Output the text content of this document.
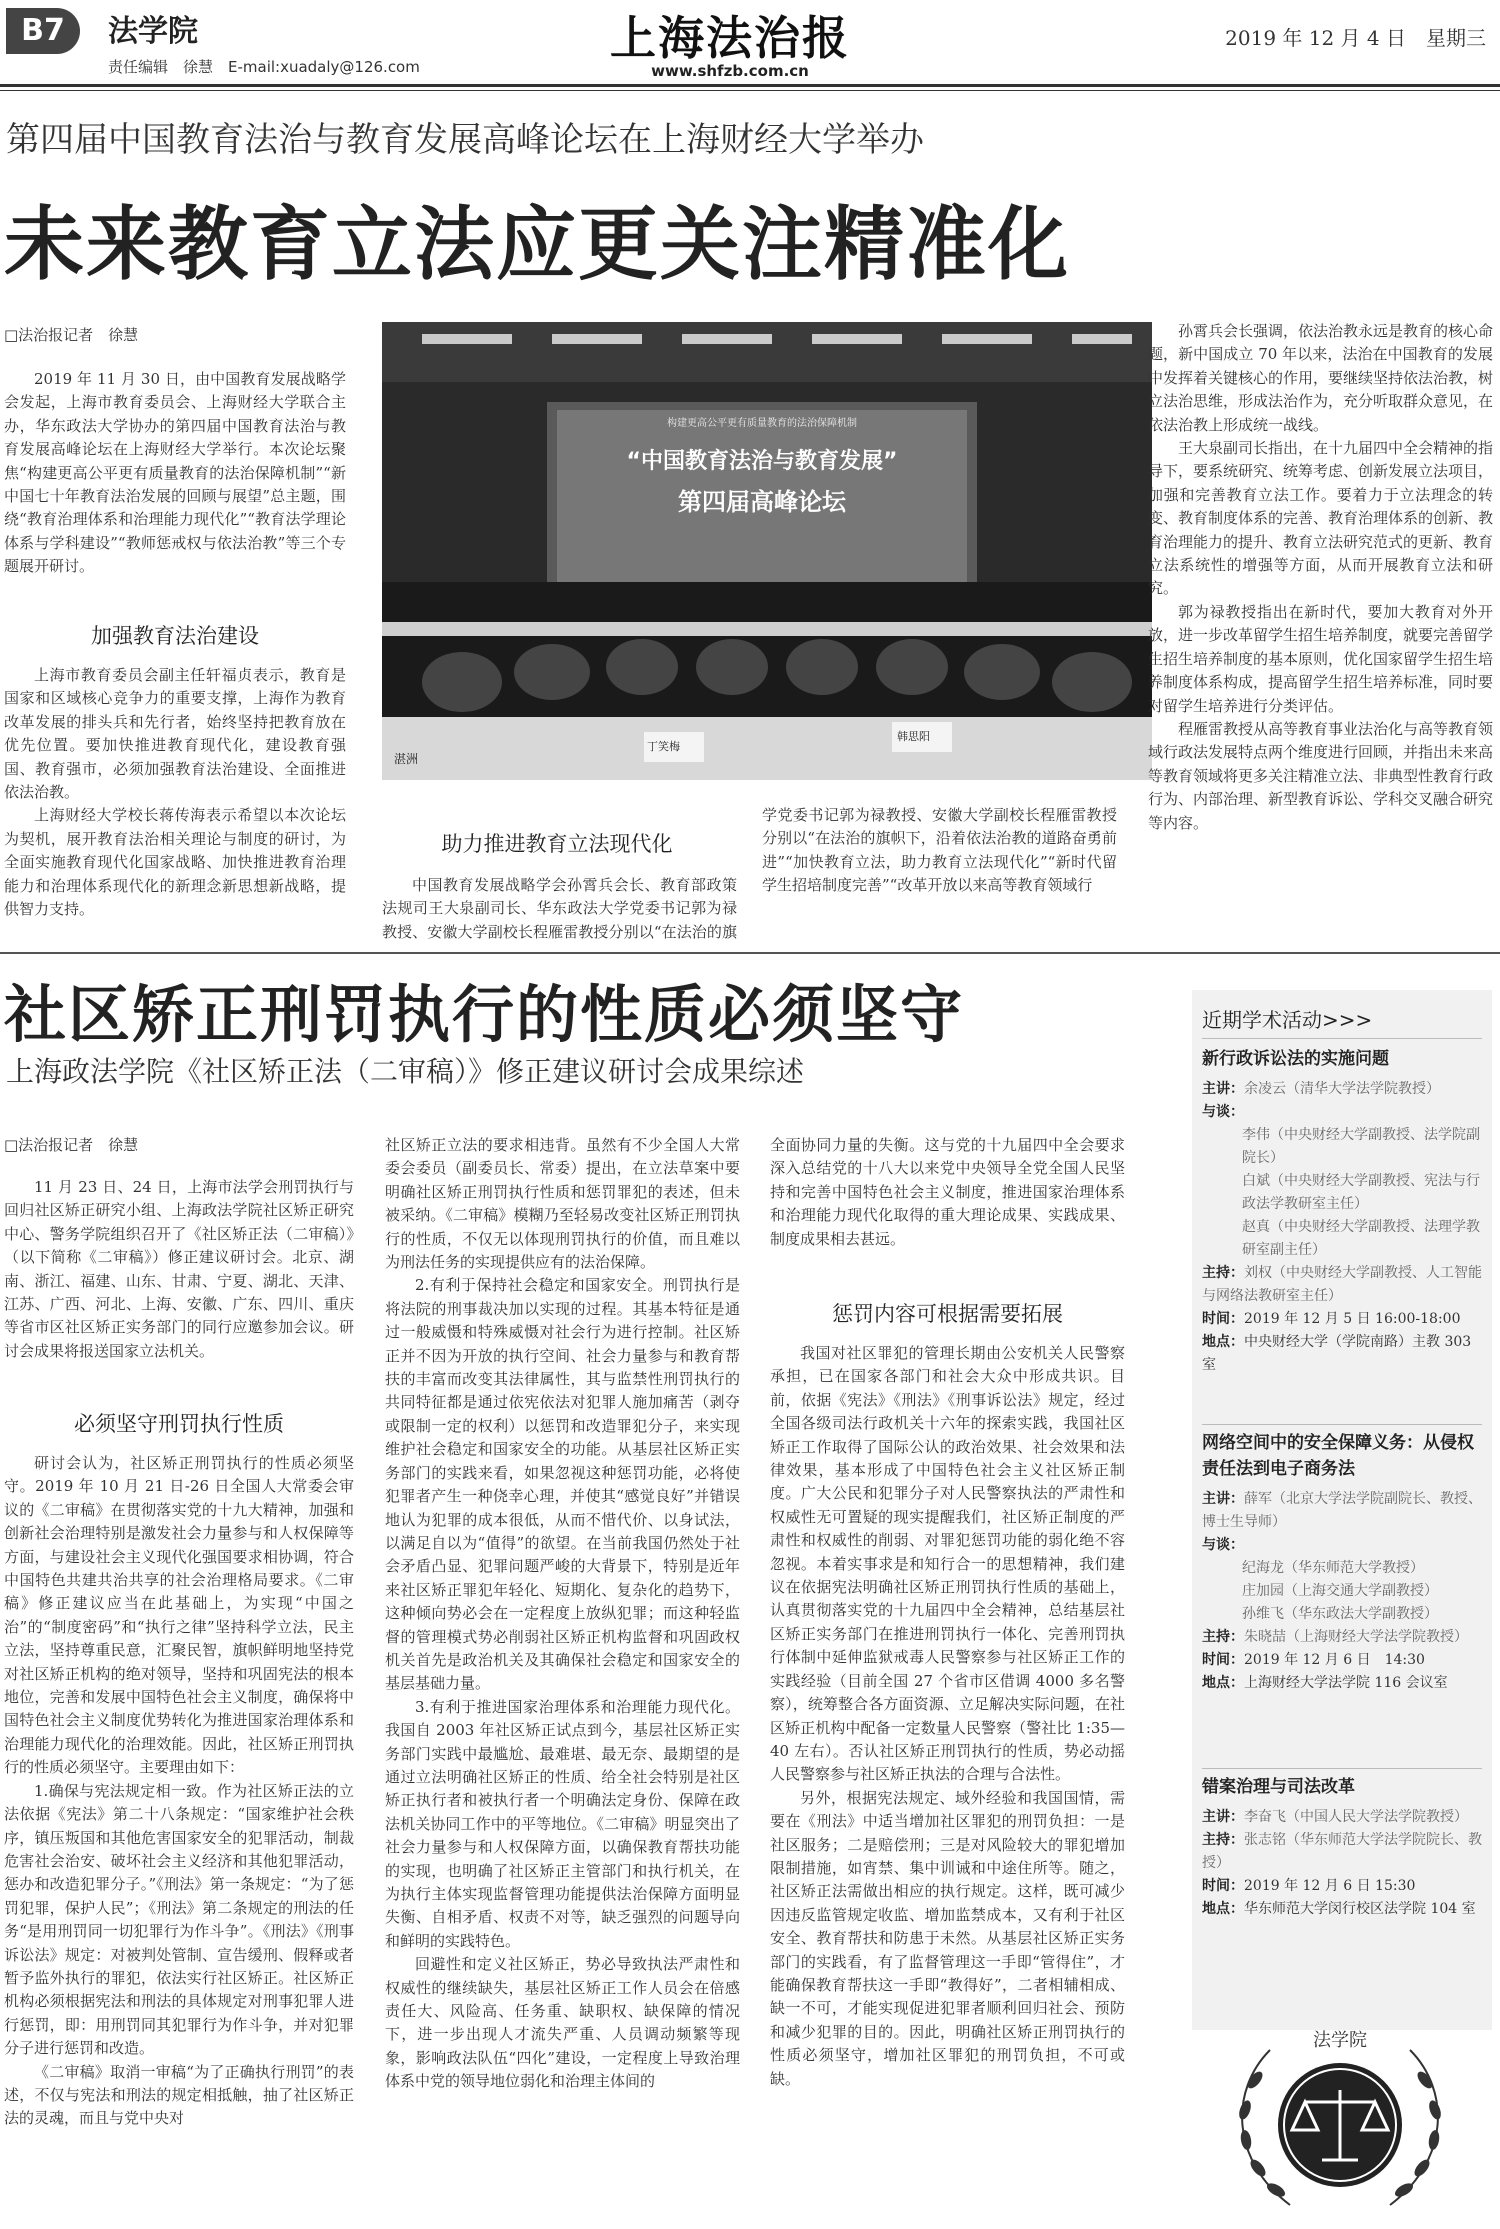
B7	法学院
责任编辑　徐慧　E-mail:xuadaly@126.com
上海法治报
www.shfzb.com.cn
2019 年 12 月 4 日　星期三
第四届中国教育法治与教育发展高峰论坛在上海财经大学举办
未来教育立法应更关注精准化
□法治报记者　徐慧

2019 年 11 月 30 日，由中国教育发展战略学会发起，上海市教育委员会、上海财经大学联合主办，华东政法大学协办的第四届中国教育法治与教育发展高峰论坛在上海财经大学举行。本次论坛聚焦“构建更高公平更有质量教育的法治保障机制”“新中国七十年教育法治发展的回顾与展望”总主题，围绕“教育治理体系和治理能力现代化”“教育法学理论体系与学科建设”“教师惩戒权与依法治教”等三个专题展开研讨。

加强教育法治建设

上海市教育委员会副主任轩福贞表示，教育是国家和区域核心竞争力的重要支撑，上海作为教育改革发展的排头兵和先行者，始终坚持把教育放在优先位置。要加快推进教育现代化，建设教育强国、教育强市，必须加强教育法治建设、全面推进依法治教。

上海财经大学校长蒋传海表示希望以本次论坛为契机，展开教育法治相关理论与制度的研讨，为全面实施教育现代化国家战略、加快推进教育治理能力和治理体系现代化的新理念新思想新战略，提供智力支持。

构建更高公平更有质量教育的法治保障机制
“中国教育法治与教育发展”
第四届高峰论坛
丁笑梅
韩思阳
湛洲
助力推进教育立法现代化

中国教育发展战略学会孙霄兵会长、教育部政策法规司王大泉副司长、华东政法大学党委书记郭为禄教授、安徽大学副校长程雁雷教授分别以“在法治的旗

学党委书记郭为禄教授、安徽大学副校长程雁雷教授分别以“在法治的旗帜下，沿着依法治教的道路奋勇前进”“加快教育立法，助力教育立法现代化”“新时代留学生招培制度完善”“改革开放以来高等教育领域行

孙霄兵会长强调，依法治教永远是教育的核心命题，新中国成立 70 年以来，法治在中国教育的发展中发挥着关键核心的作用，要继续坚持依法治教，树立法治思维，形成法治作为，充分听取群众意见，在依法治教上形成统一战线。

王大泉副司长指出，在十九届四中全会精神的指导下，要系统研究、统筹考虑、创新发展立法项目，加强和完善教育立法工作。要着力于立法理念的转变、教育制度体系的完善、教育治理体系的创新、教育治理能力的提升、教育立法研究范式的更新、教育立法系统性的增强等方面，从而开展教育立法和研究。

郭为禄教授指出在新时代，要加大教育对外开放，进一步改革留学生招生培养制度，就要完善留学生招生培养制度的基本原则，优化国家留学生招生培养制度体系构成，提高留学生招生培养标准，同时要对留学生培养进行分类评估。

程雁雷教授从高等教育事业法治化与高等教育领域行政法发展特点两个维度进行回顾，并指出未来高等教育领域将更多关注精准立法、非典型性教育行政行为、内部治理、新型教育诉讼、学科交叉融合研究等内容。

社区矫正刑罚执行的性质必须坚守
上海政法学院《社区矫正法（二审稿）》修正建议研讨会成果综述
□法治报记者　徐慧

11 月 23 日、24 日，上海市法学会刑罚执行与回归社区矫正研究小组、上海政法学院社区矫正研究中心、警务学院组织召开了《社区矫正法（二审稿）》（以下简称《二审稿》）修正建议研讨会。北京、湖南、浙江、福建、山东、甘肃、宁夏、湖北、天津、江苏、广西、河北、上海、安徽、广东、四川、重庆等省市区社区矫正实务部门的同行应邀参加会议。研讨会成果将报送国家立法机关。

必须坚守刑罚执行性质

研讨会认为，社区矫正刑罚执行的性质必须坚守。2019 年 10 月 21 日-26 日全国人大常委会审议的《二审稿》在贯彻落实党的十九大精神，加强和创新社会治理特别是激发社会力量参与和人权保障等方面，与建设社会主义现代化强国要求相协调，符合中国特色共建共治共享的社会治理格局要求。《二审稿》修正建议应当在此基础上，为实现“中国之治”的“制度密码”和“执行之律”坚持科学立法，民主立法，坚持尊重民意，汇聚民智，旗帜鲜明地坚持党对社区矫正机构的绝对领导，坚持和巩固宪法的根本地位，完善和发展中国特色社会主义制度，确保将中国特色社会主义制度优势转化为推进国家治理体系和治理能力现代化的治理效能。因此，社区矫正刑罚执行的性质必须坚守。主要理由如下：

1.确保与宪法规定相一致。作为社区矫正法的立法依据《宪法》第二十八条规定：“国家维护社会秩序，镇压叛国和其他危害国家安全的犯罪活动，制裁危害社会治安、破坏社会主义经济和其他犯罪活动，惩办和改造犯罪分子。”《刑法》第一条规定：“为了惩罚犯罪，保护人民”；《刑法》第二条规定的刑法的任务“是用刑罚同一切犯罪行为作斗争”。《刑法》《刑事诉讼法》规定：对被判处管制、宣告缓刑、假释或者暂予监外执行的罪犯，依法实行社区矫正。社区矫正机构必须根据宪法和刑法的具体规定对刑事犯罪人进行惩罚，即：用刑罚同其犯罪行为作斗争，并对犯罪分子进行惩罚和改造。

《二审稿》取消一审稿“为了正确执行刑罚”的表述，不仅与宪法和刑法的规定相抵触，抽了社区矫正法的灵魂，而且与党中央对

社区矫正立法的要求相违背。虽然有不少全国人大常委会委员（副委员长、常委）提出，在立法草案中要明确社区矫正刑罚执行性质和惩罚罪犯的表述，但未被采纳。《二审稿》模糊乃至轻易改变社区矫正刑罚执行的性质，不仅无以体现刑罚执行的价值，而且难以为刑法任务的实现提供应有的法治保障。

2.有利于保持社会稳定和国家安全。刑罚执行是将法院的刑事裁决加以实现的过程。其基本特征是通过一般威慑和特殊威慑对社会行为进行控制。社区矫正并不因为开放的执行空间、社会力量参与和教育帮扶的丰富而改变其法律属性，其与监禁性刑罚执行的共同特征都是通过依宪依法对犯罪人施加痛苦（剥夺或限制一定的权利）以惩罚和改造罪犯分子，来实现维护社会稳定和国家安全的功能。从基层社区矫正实务部门的实践来看，如果忽视这种惩罚功能，必将使犯罪者产生一种侥幸心理，并使其“感觉良好”并错误地认为犯罪的成本很低，从而不惜代价、以身试法，以满足自以为“值得”的欲望。在当前我国仍然处于社会矛盾凸显、犯罪问题严峻的大背景下，特别是近年来社区矫正罪犯年轻化、短期化、复杂化的趋势下，这种倾向势必会在一定程度上放纵犯罪；而这种轻监督的管理模式势必削弱社区矫正机构监督和巩固政权机关首先是政治机关及其确保社会稳定和国家安全的基层基础力量。

3.有利于推进国家治理体系和治理能力现代化。我国自 2003 年社区矫正试点到今，基层社区矫正实务部门实践中最尴尬、最难堪、最无奈、最期望的是通过立法明确社区矫正的性质、给全社会特别是社区矫正执行者和被执行者一个明确法定身份、保障在政法机关协同工作中的平等地位。《二审稿》明显突出了社会力量参与和人权保障方面，以确保教育帮扶功能的实现，也明确了社区矫正主管部门和执行机关，在为执行主体实现监督管理功能提供法治保障方面明显失衡、自相矛盾、权责不对等，缺乏强烈的问题导向和鲜明的实践特色。

回避性和定义社区矫正，势必导致执法严肃性和权威性的继续缺失，基层社区矫正工作人员会在倍感责任大、风险高、任务重、缺职权、缺保障的情况下，进一步出现人才流失严重、人员调动频繁等现象，影响政法队伍“四化”建设，一定程度上导致治理体系中党的领导地位弱化和治理主体间的

全面协同力量的失衡。这与党的十九届四中全会要求深入总结党的十八大以来党中央领导全党全国人民坚持和完善中国特色社会主义制度，推进国家治理体系和治理能力现代化取得的重大理论成果、实践成果、制度成果相去甚远。

惩罚内容可根据需要拓展

我国对社区罪犯的管理长期由公安机关人民警察承担，已在国家各部门和社会大众中形成共识。目前，依据《宪法》《刑法》《刑事诉讼法》规定，经过全国各级司法行政机关十六年的探索实践，我国社区矫正工作取得了国际公认的政治效果、社会效果和法律效果，基本形成了中国特色社会主义社区矫正制度。广大公民和犯罪分子对人民警察执法的严肃性和权威性无可置疑的现实提醒我们，社区矫正制度的严肃性和权威性的削弱、对罪犯惩罚功能的弱化绝不容忽视。本着实事求是和知行合一的思想精神，我们建议在依据宪法明确社区矫正刑罚执行性质的基础上，认真贯彻落实党的十九届四中全会精神，总结基层社区矫正实务部门在推进刑罚执行一体化、完善刑罚执行体制中延伸监狱戒毒人民警察参与社区矫正工作的实践经验（目前全国 27 个省市区借调 4000 多名警察），统筹整合各方面资源、立足解决实际问题，在社区矫正机构中配备一定数量人民警察（警社比 1:35—40 左右）。否认社区矫正刑罚执行的性质，势必动摇人民警察参与社区矫正执法的合理与合法性。

另外，根据宪法规定、域外经验和我国国情，需要在《刑法》中适当增加社区罪犯的刑罚负担：一是社区服务；二是赔偿刑；三是对风险较大的罪犯增加限制措施，如宵禁、集中训诫和中途住所等。随之，社区矫正法需做出相应的执行规定。这样，既可减少因违反监管规定收监、增加监禁成本，又有利于社区安全、教育帮扶和防患于未然。从基层社区矫正实务部门的实践看，有了监督管理这一手即“管得住”，才能确保教育帮扶这一手即“教得好”，二者相辅相成、缺一不可，才能实现促进犯罪者顺利回归社会、预防和减少犯罪的目的。因此，明确社区矫正刑罚执行的性质必须坚守，增加社区罪犯的刑罚负担，不可或缺。

近期学术活动>>>
新行政诉讼法的实施问题
主讲：余凌云（清华大学法学院教授）
与谈：
李伟（中央财经大学副教授、法学院副院长）
白斌（中央财经大学副教授、宪法与行政法学教研室主任）
赵真（中央财经大学副教授、法理学教研室副主任）
主持：刘权（中央财经大学副教授、人工智能与网络法教研室主任）
时间：2019 年 12 月 5 日 16:00-18:00
地点：中央财经大学（学院南路）主教 303 室
网络空间中的安全保障义务：从侵权责任法到电子商务法
主讲：薛军（北京大学法学院副院长、教授、博士生导师）
与谈：
纪海龙（华东师范大学教授）
庄加园（上海交通大学副教授）
孙维飞（华东政法大学副教授）
主持：朱晓喆（上海财经大学法学院教授）
时间：2019 年 12 月 6 日　14:30
地点：上海财经大学法学院 116 会议室
错案治理与司法改革
主讲：李奋飞（中国人民大学法学院教授）
主持：张志铭（华东师范大学法学院院长、教授）
时间：2019 年 12 月 6 日 15:30
地点：华东师范大学闵行校区法学院 104 室
法学院
